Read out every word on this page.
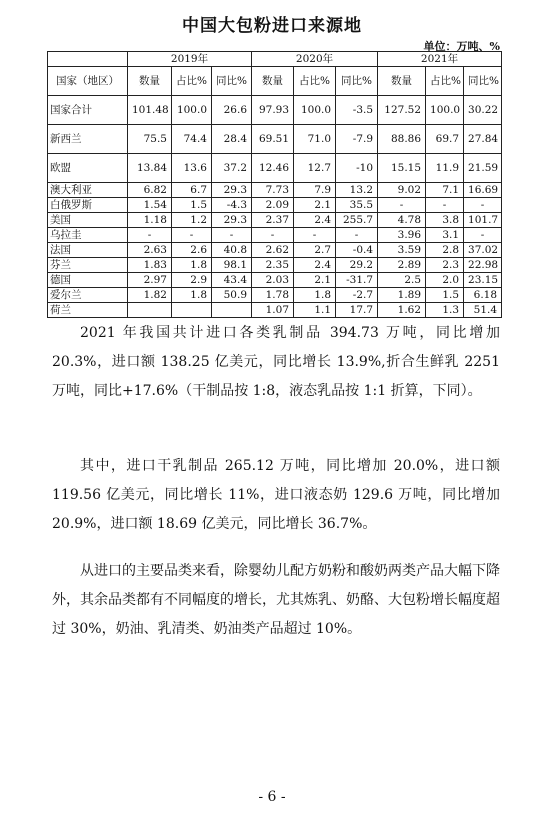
中国大包粉进口来源地
单位：万吨、%
	2019年			2020年			2021年		
国家（地区）	数量	占比%	同比%	数量	占比%	同比%	数量	占比%	同比%
国家合计	101.48	100.0	26.6	97.93	100.0	-3.5	127.52	100.0	30.22
新西兰	75.5	74.4	28.4	69.51	71.0	-7.9	88.86	69.7	27.84
欧盟	13.84	13.6	37.2	12.46	12.7	-10	15.15	11.9	21.59
澳大利亚	6.82	6.7	29.3	7.73	7.9	13.2	9.02	7.1	16.69
白俄罗斯	1.54	1.5	-4.3	2.09	2.1	35.5	-	-	-
美国	1.18	1.2	29.3	2.37	2.4	255.7	4.78	3.8	101.7
乌拉圭	-	-	-	-	-	-	3.96	3.1	-
法国	2.63	2.6	40.8	2.62	2.7	-0.4	3.59	2.8	37.02
芬兰	1.83	1.8	98.1	2.35	2.4	29.2	2.89	2.3	22.98
德国	2.97	2.9	43.4	2.03	2.1	-31.7	2.5	2.0	23.15
爱尔兰	1.82	1.8	50.9	1.78	1.8	-2.7	1.89	1.5	6.18
荷兰				1.07	1.1	17.7	1.62	1.3	51.4

2021 年我国共计进口各类乳制品 394.73 万吨，同比增加 20.3%，进口额 138.25 亿美元，同比增长 13.9%,折合生鲜乳 2251 万吨，同比+17.6%（干制品按 1:8，液态乳品按 1:1 折算，下同）。

其中，进口干乳制品 265.12 万吨，同比增加 20.0%，进口额 119.56 亿美元，同比增长 11%，进口液态奶 129.6 万吨，同比增加 20.9%，进口额 18.69 亿美元，同比增长 36.7%。

从进口的主要品类来看，除婴幼儿配方奶粉和酸奶两类产品大幅下降外，其余品类都有不同幅度的增长，尤其炼乳、奶酪、大包粉增长幅度超过 30%，奶油、乳清类、奶油类产品超过 10%。

- 6 -
